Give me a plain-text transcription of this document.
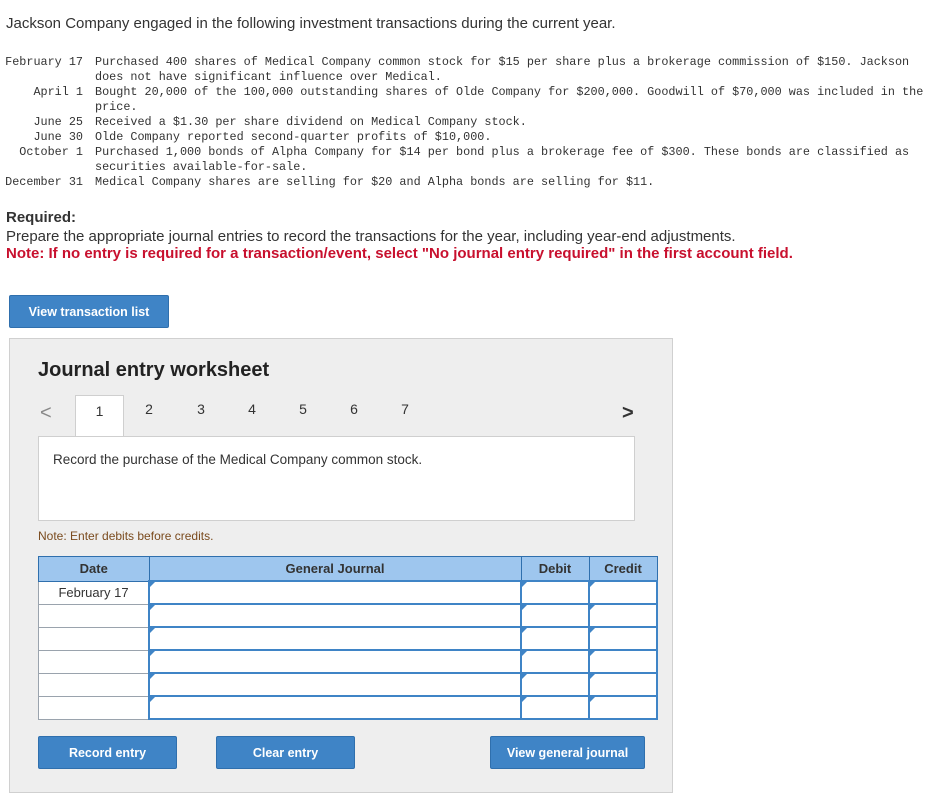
Jackson Company engaged in the following investment transactions during the current year.
February 17 Purchased 400 shares of Medical Company common stock for $15 per share plus a brokerage commission of $150. Jackson does not have significant influence over Medical.
April 1 Bought 20,000 of the 100,000 outstanding shares of Olde Company for $200,000. Goodwill of $70,000 was included in the price.
June 25 Received a $1.30 per share dividend on Medical Company stock.
June 30 Olde Company reported second-quarter profits of $10,000.
October 1 Purchased 1,000 bonds of Alpha Company for $14 per bond plus a brokerage fee of $300. These bonds are classified as securities available-for-sale.
December 31 Medical Company shares are selling for $20 and Alpha bonds are selling for $11.
Required:
Prepare the appropriate journal entries to record the transactions for the year, including year-end adjustments.
Note: If no entry is required for a transaction/event, select "No journal entry required" in the first account field.
View transaction list
Journal entry worksheet
<	1	2	3	4	5	6	7	>
Record the purchase of the Medical Company common stock.
Note: Enter debits before credits.
Date	General Journal	Debit	Credit
February 17	

Record entry	Clear entry	View general journal
